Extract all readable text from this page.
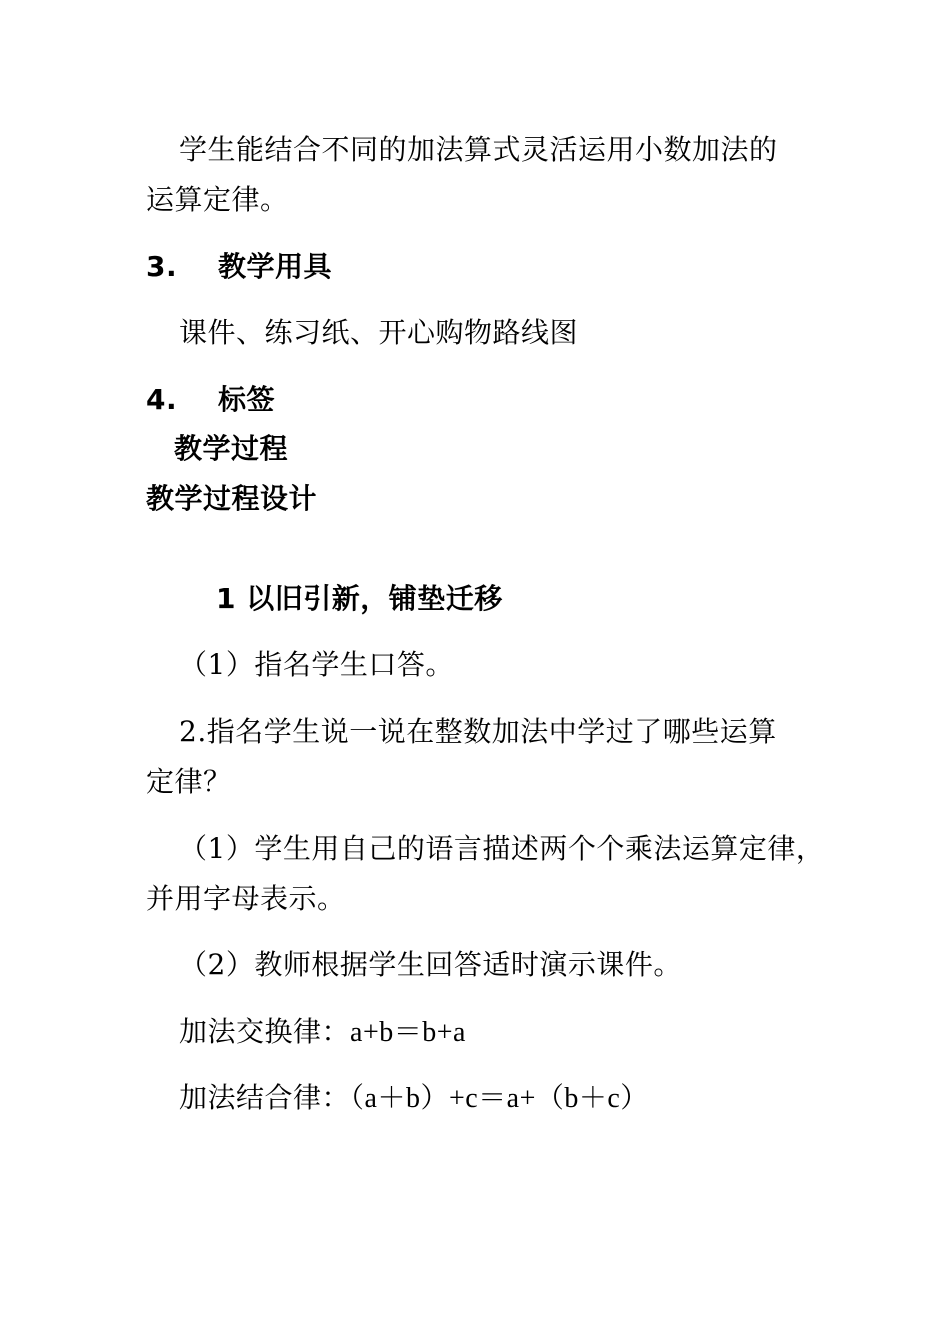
学生能结合不同的加法算式灵活运用小数加法的
运算定律。
3. 教学用具
课件、练习纸、开心购物路线图
4. 标签
教学过程
教学过程设计
1 以旧引新，铺垫迁移
（1）指名学生口答。
2.指名学生说一说在整数加法中学过了哪些运算
定律？
（1）学生用自己的语言描述两个个乘法运算定律，
并用字母表示。
（2）教师根据学生回答适时演示课件。
加法交换律：a+b＝b+a
加法结合律：（a＋b）+c＝a+（b＋c）
